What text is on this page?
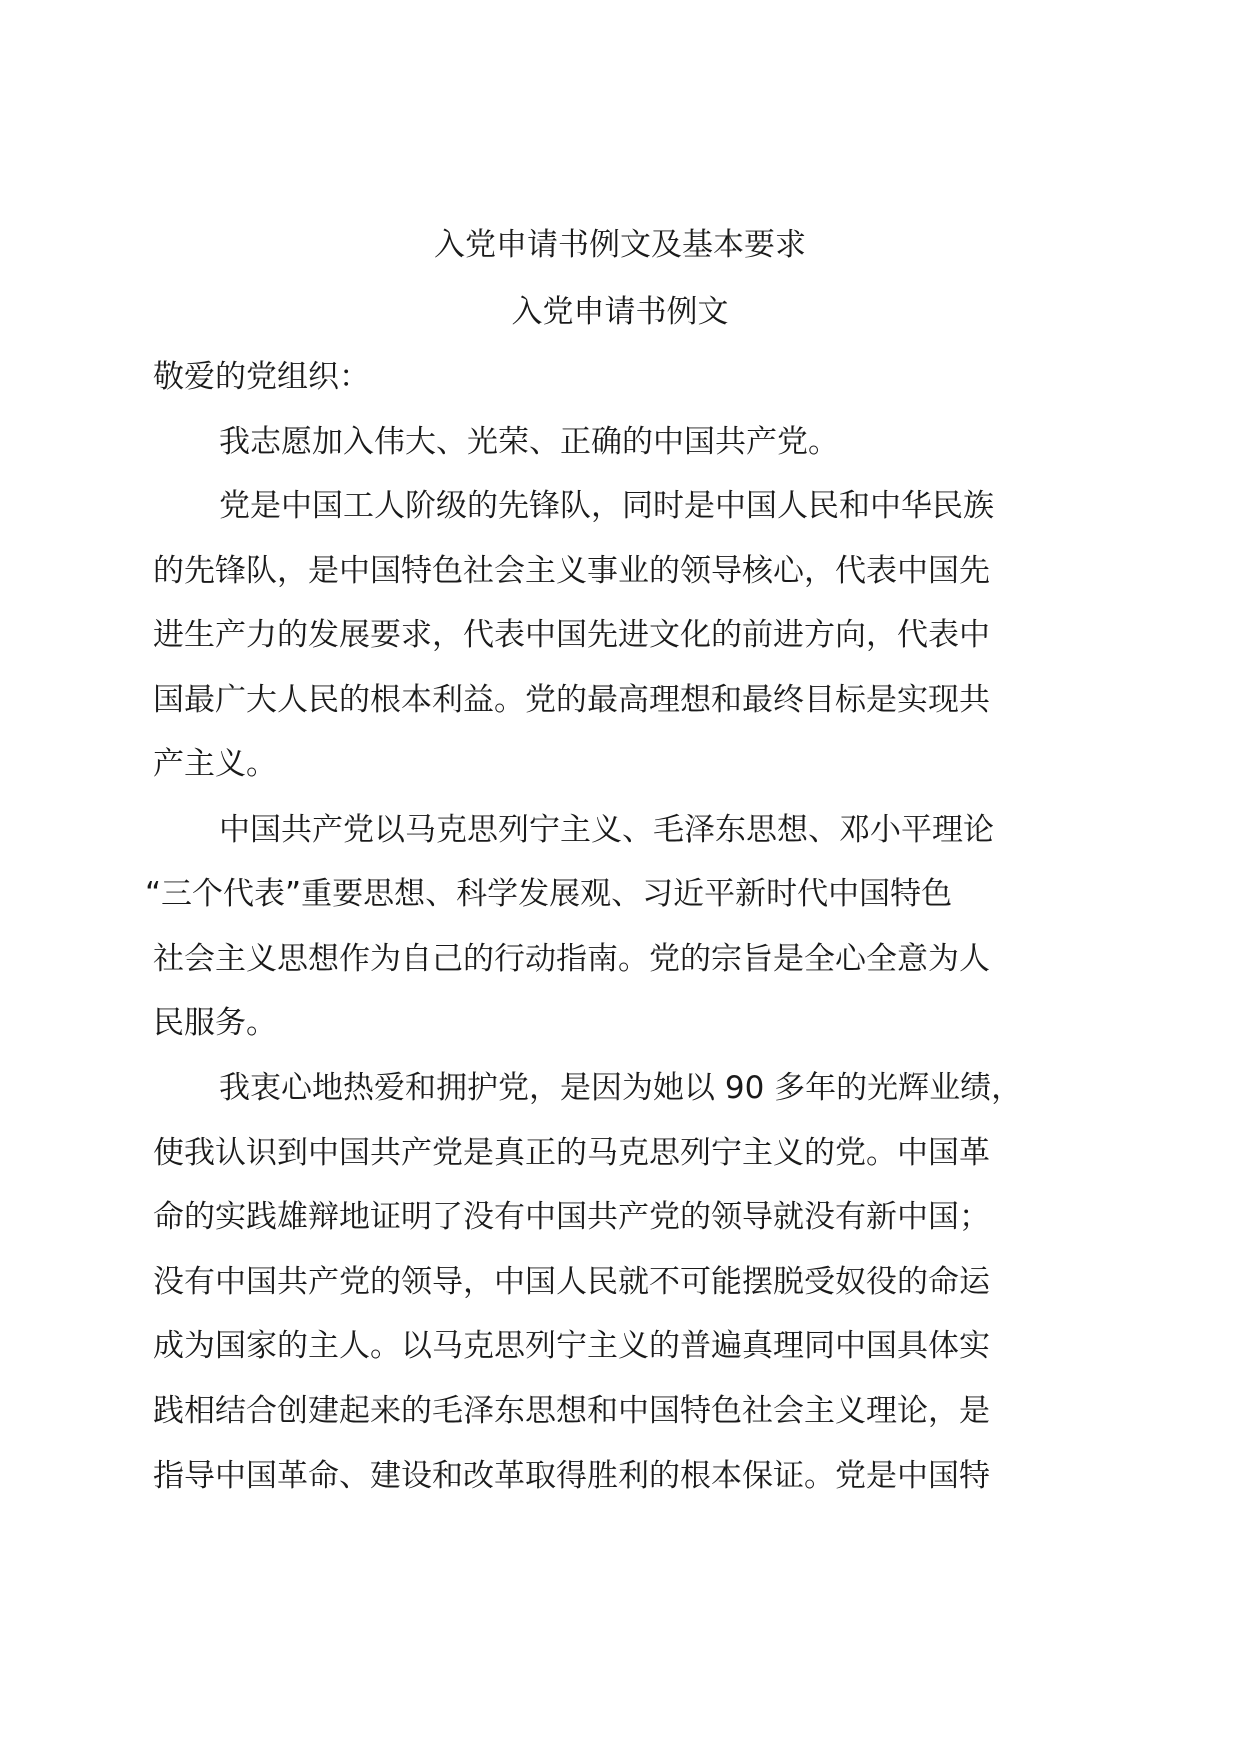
入党申请书例文及基本要求
入党申请书例文

敬爱的党组织：

我志愿加入伟大、光荣、正确的中国共产党。

党是中国工人阶级的先锋队，同时是中国人民和中华民族

的先锋队，是中国特色社会主义事业的领导核心，代表中国先

进生产力的发展要求，代表中国先进文化的前进方向，代表中

国最广大人民的根本利益。党的最高理想和最终目标是实现共

产主义。

中国共产党以马克思列宁主义、毛泽东思想、邓小平理论

“三个代表”重要思想、科学发展观、习近平新时代中国特色

社会主义思想作为自己的行动指南。党的宗旨是全心全意为人

民服务。

我衷心地热爱和拥护党，是因为她以 90 多年的光辉业绩，

使我认识到中国共产党是真正的马克思列宁主义的党。中国革

命的实践雄辩地证明了没有中国共产党的领导就没有新中国；

没有中国共产党的领导，中国人民就不可能摆脱受奴役的命运

成为国家的主人。以马克思列宁主义的普遍真理同中国具体实

践相结合创建起来的毛泽东思想和中国特色社会主义理论，是

指导中国革命、建设和改革取得胜利的根本保证。党是中国特
